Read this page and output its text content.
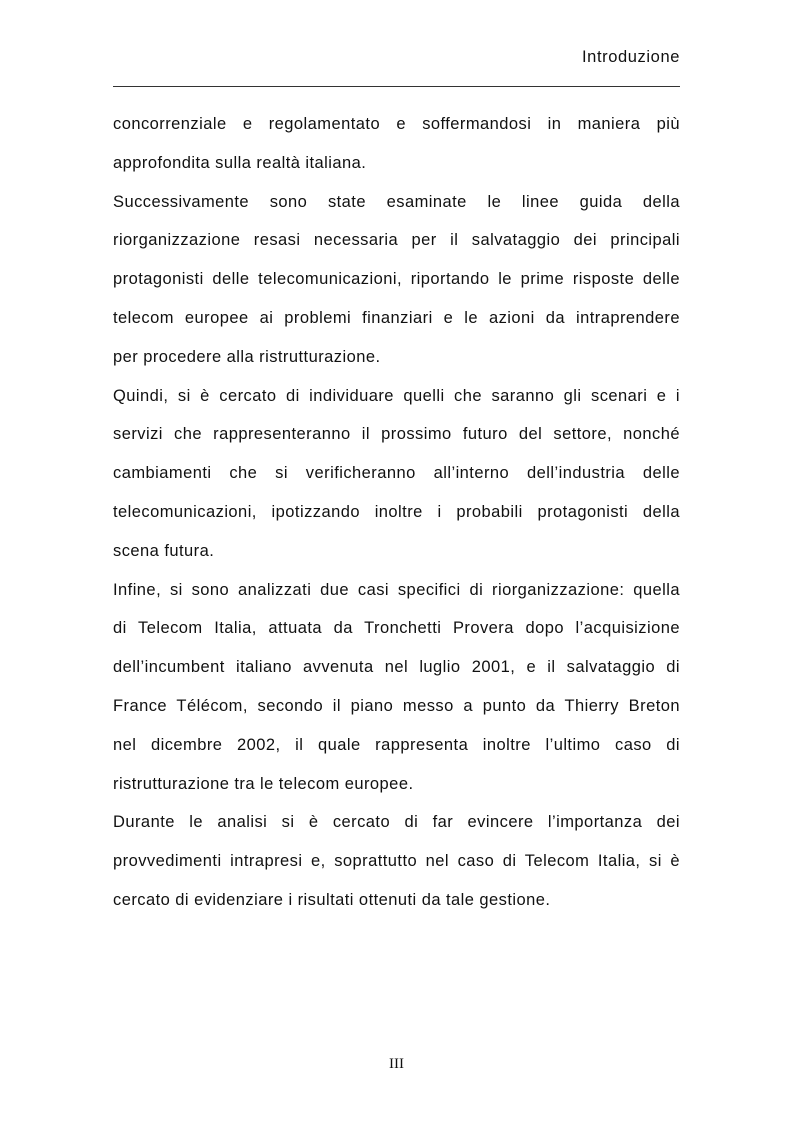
Introduzione
concorrenziale e regolamentato e soffermandosi in maniera più
approfondita sulla realtà italiana.
Successivamente sono state esaminate le linee guida della
riorganizzazione resasi necessaria per il salvataggio dei principali
protagonisti delle telecomunicazioni, riportando le prime risposte delle
telecom europee ai problemi finanziari e le azioni da intraprendere
per procedere alla ristrutturazione.
Quindi, si è cercato di individuare quelli che saranno gli scenari e i
servizi che rappresenteranno il prossimo futuro del settore, nonché
cambiamenti che si verificheranno all’interno dell’industria delle
telecomunicazioni, ipotizzando inoltre i probabili protagonisti della
scena futura.
Infine, si sono analizzati due casi specifici di riorganizzazione: quella
di Telecom Italia, attuata da Tronchetti Provera dopo l’acquisizione
dell’incumbent italiano avvenuta nel luglio 2001, e il salvataggio di
France Télécom, secondo il piano messo a punto da Thierry Breton
nel dicembre 2002, il quale rappresenta inoltre l’ultimo caso di
ristrutturazione tra le telecom europee.
Durante le analisi si è cercato di far evincere l’importanza dei
provvedimenti intrapresi e, soprattutto nel caso di Telecom Italia, si è
cercato di evidenziare i risultati ottenuti da tale gestione.
III
